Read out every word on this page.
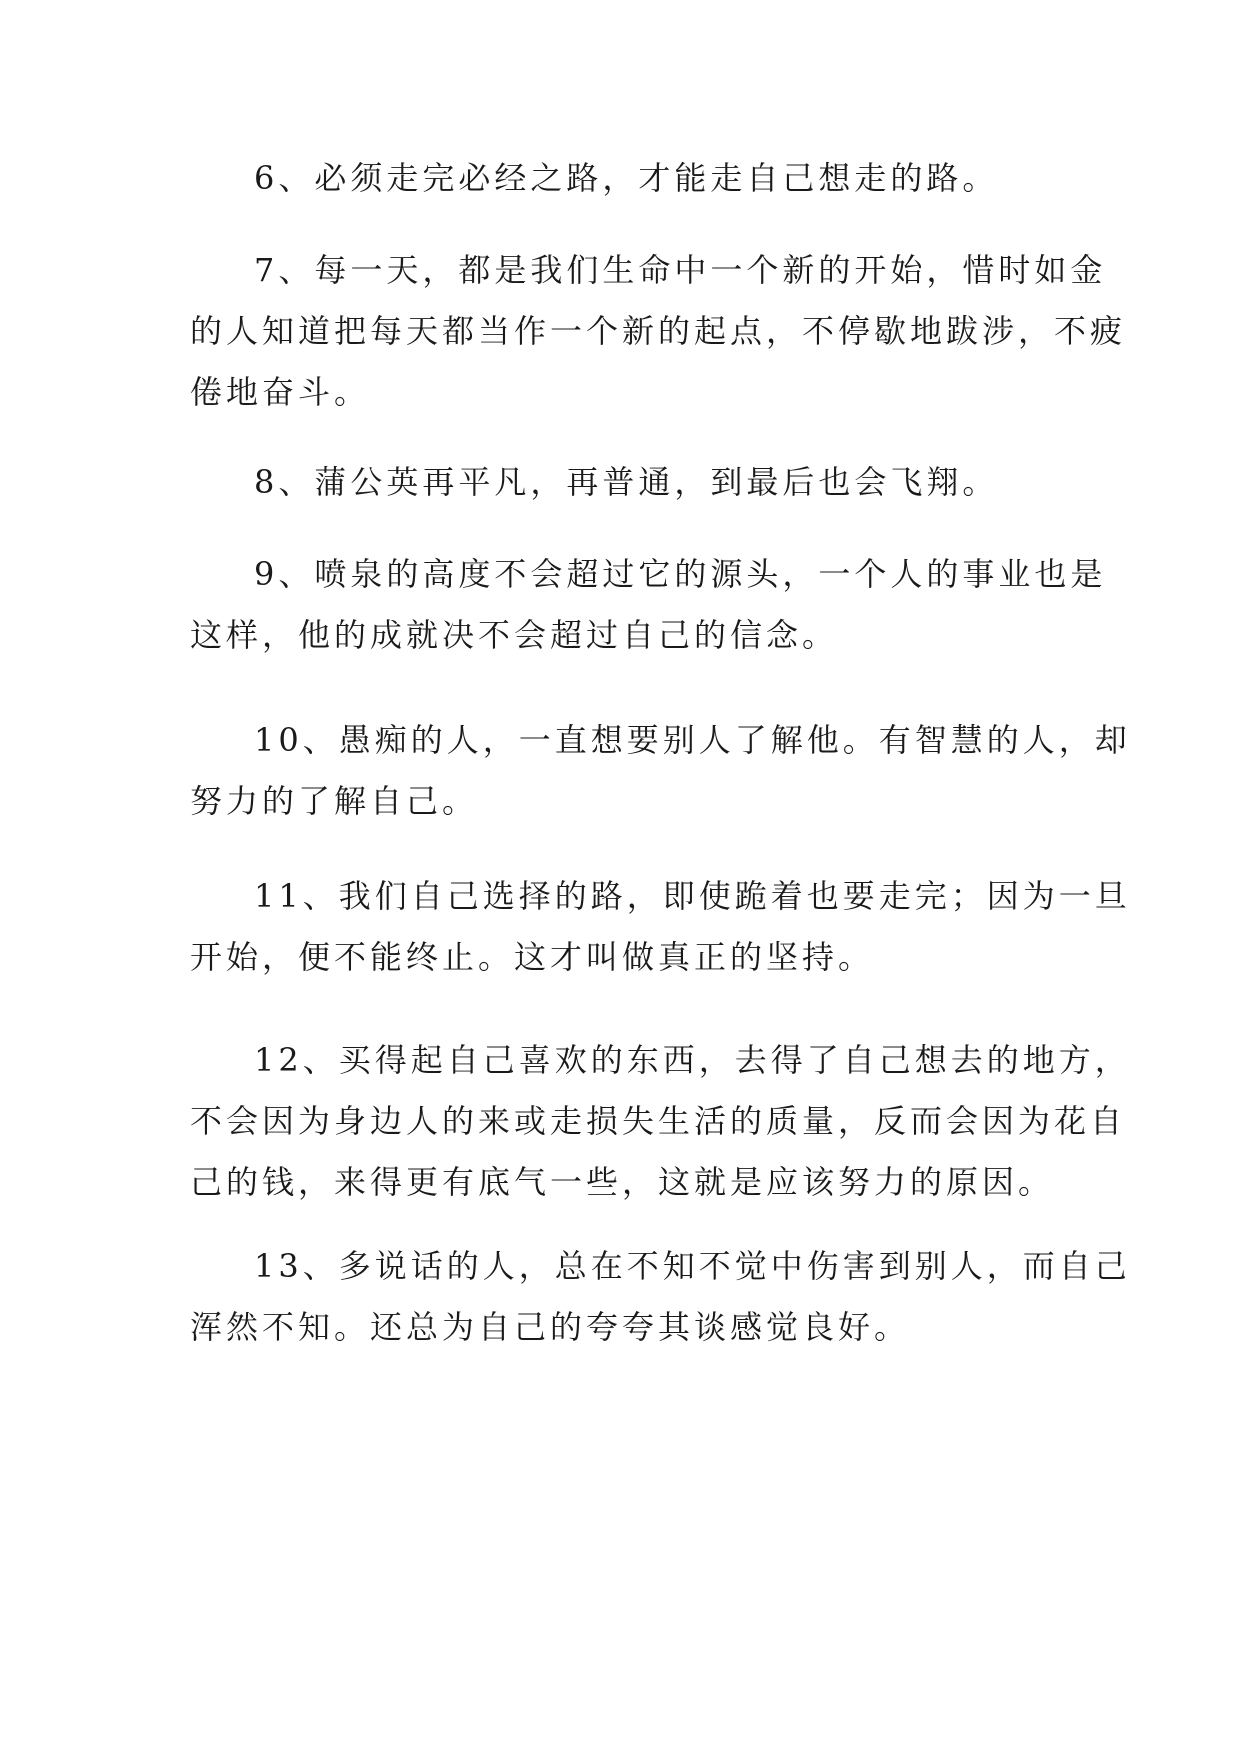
6、必须走完必经之路，才能走自己想走的路。

7、每一天，都是我们生命中一个新的开始，惜时如金
的人知道把每天都当作一个新的起点，不停歇地跋涉，不疲
倦地奋斗。

8、蒲公英再平凡，再普通，到最后也会飞翔。

9、喷泉的高度不会超过它的源头，一个人的事业也是
这样，他的成就决不会超过自己的信念。

10、愚痴的人，一直想要别人了解他。有智慧的人，却
努力的了解自己。

11、我们自己选择的路，即使跪着也要走完；因为一旦
开始，便不能终止。这才叫做真正的坚持。

12、买得起自己喜欢的东西，去得了自己想去的地方，
不会因为身边人的来或走损失生活的质量，反而会因为花自
己的钱，来得更有底气一些，这就是应该努力的原因。

13、多说话的人，总在不知不觉中伤害到别人，而自己
浑然不知。还总为自己的夸夸其谈感觉良好。
